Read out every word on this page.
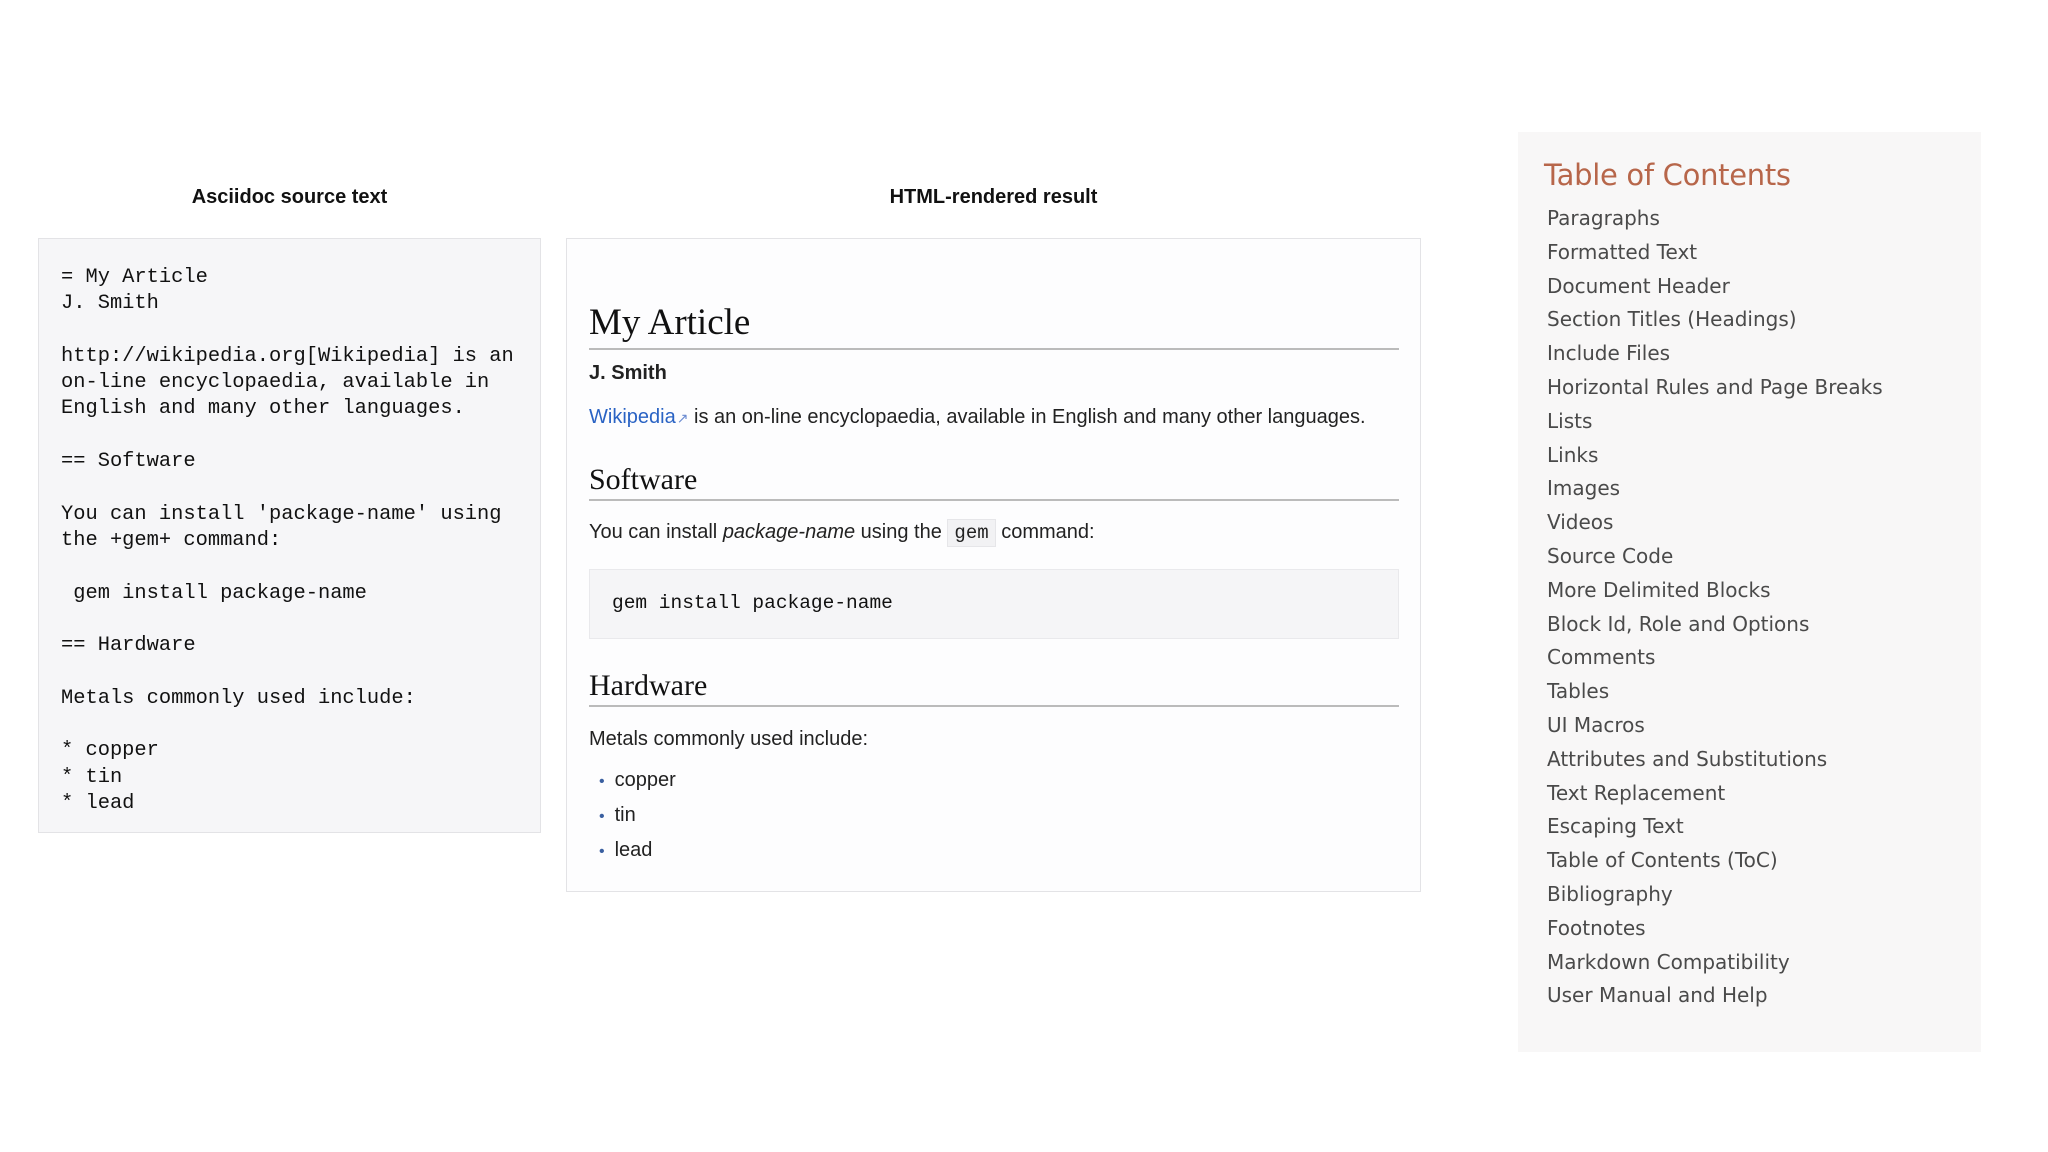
Asciidoc source text	HTML-rendered result
= My Article
J. Smith

http://wikipedia.org[Wikipedia] is an
on-line encyclopaedia, available in
English and many other languages.

== Software

You can install 'package-name' using
the +gem+ command:

gem install package-name

== Hardware

Metals commonly used include:

* copper
* tin
* lead
My Article
J. Smith
Wikipedia↗ is an on-line encyclopaedia, available in English and many other languages.
Software
You can install package-name using the gem command:
gem install package-name
Hardware
Metals commonly used include:
• copper
• tin
• lead
Table of Contents
Paragraphs
Formatted Text
Document Header
Section Titles (Headings)
Include Files
Horizontal Rules and Page Breaks
Lists
Links
Images
Videos
Source Code
More Delimited Blocks
Block Id, Role and Options
Comments
Tables
UI Macros
Attributes and Substitutions
Text Replacement
Escaping Text
Table of Contents (ToC)
Bibliography
Footnotes
Markdown Compatibility
User Manual and Help
